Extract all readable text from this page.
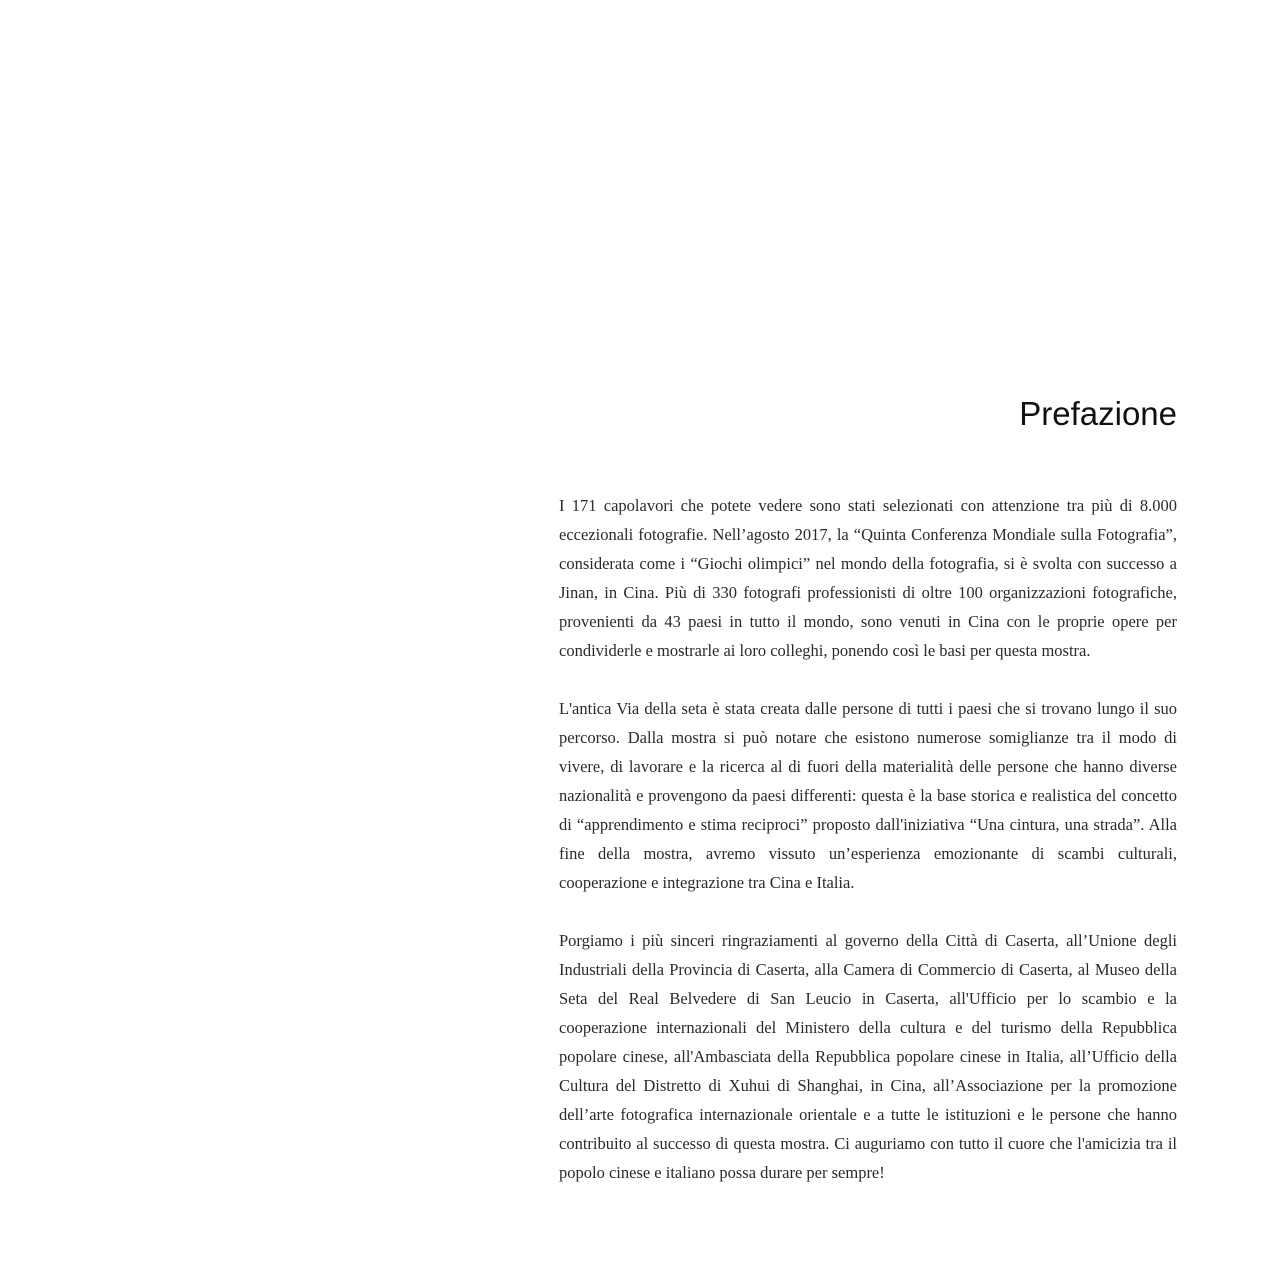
Prefazione

I 171 capolavori che potete vedere sono stati selezionati con attenzione tra più di 8.000 eccezionali fotografie. Nell’agosto 2017, la “Quinta Conferenza Mondiale sulla Fotografia”, considerata come i “Giochi olimpici” nel mondo della fotografia, si è svolta con successo a Jinan, in Cina. Più di 330 fotografi professionisti di oltre 100 organizzazioni fotografiche, provenienti da 43 paesi in tutto il mondo, sono venuti in Cina con le proprie opere per condividerle e mostrarle ai loro colleghi, ponendo così le basi per questa mostra.

L'antica Via della seta è stata creata dalle persone di tutti i paesi che si trovano lungo il suo percorso. Dalla mostra si può notare che esistono numerose somiglianze tra il modo di vivere, di lavorare e la ricerca al di fuori della materialità delle persone che hanno diverse nazionalità e provengono da paesi differenti: questa è la base storica e realistica del concetto di “apprendimento e stima reciproci” proposto dall'iniziativa “Una cintura, una strada”. Alla fine della mostra, avremo vissuto un’esperienza emozionante di scambi culturali, cooperazione e integrazione tra Cina e Italia.

Porgiamo i più sinceri ringraziamenti al governo della Città di Caserta, all’Unione degli Industriali della Provincia di Caserta, alla Camera di Commercio di Caserta, al Museo della Seta del Real Belvedere di San Leucio in Caserta, all'Ufficio per lo scambio e la cooperazione internazionali del Ministero della cultura e del turismo della Repubblica popolare cinese, all'Ambasciata della Repubblica popolare cinese in Italia, all’Ufficio della Cultura del Distretto di Xuhui di Shanghai, in Cina, all’Associazione per la promozione dell’arte fotografica internazionale orientale e a tutte le istituzioni e le persone che hanno contribuito al successo di questa mostra. Ci auguriamo con tutto il cuore che l'amicizia tra il popolo cinese e italiano possa durare per sempre!
